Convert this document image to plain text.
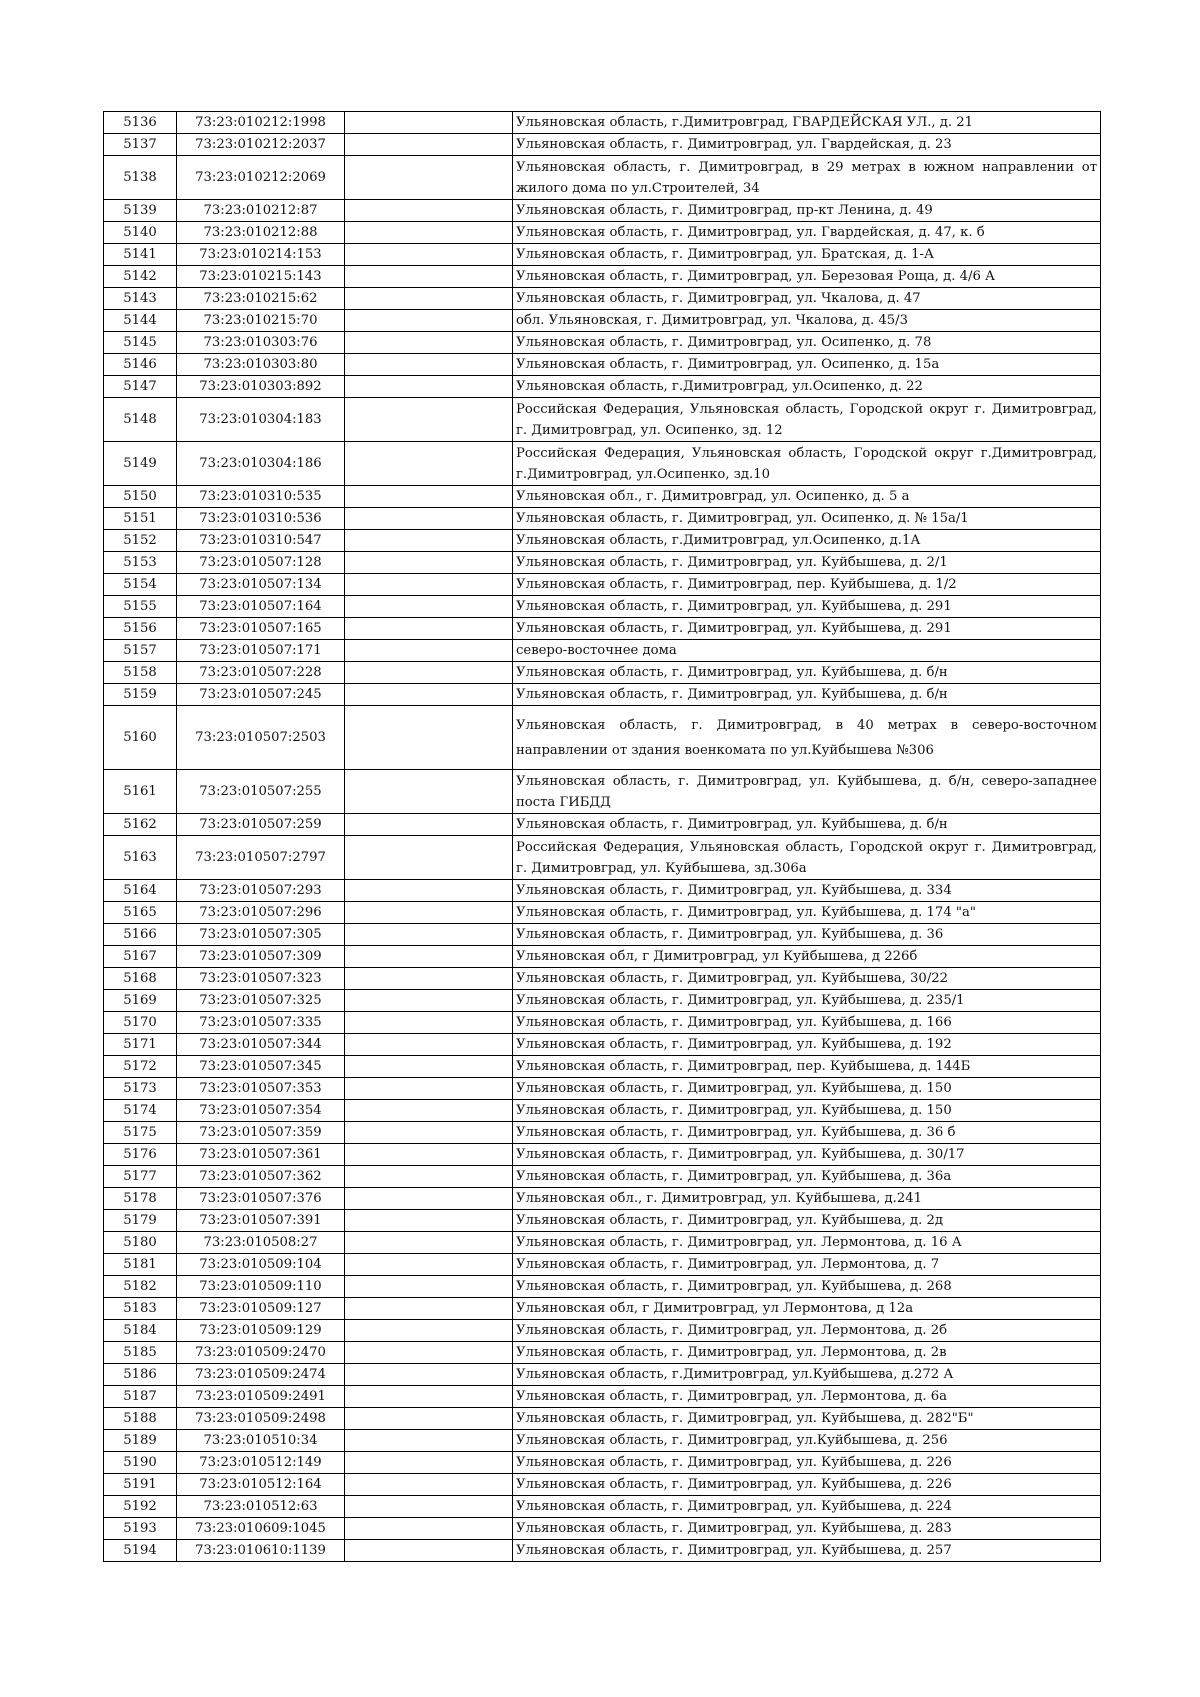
5136	73:23:010212:1998		Ульяновская область, г.Димитровград, ГВАРДЕЙСКАЯ УЛ., д. 21
5137	73:23:010212:2037		Ульяновская область, г. Димитровград, ул. Гвардейская, д. 23
5138	73:23:010212:2069		Ульяновская область, г. Димитровград, в 29 метрах в южном направлении от жилого дома по ул.Строителей, 34
5139	73:23:010212:87		Ульяновская область, г. Димитровград, пр-кт Ленина, д. 49
5140	73:23:010212:88		Ульяновская область, г. Димитровград, ул. Гвардейская, д. 47, к. б
5141	73:23:010214:153		Ульяновская область, г. Димитровград, ул. Братская, д. 1-А
5142	73:23:010215:143		Ульяновская область, г. Димитровград, ул. Березовая Роща, д. 4/6 А
5143	73:23:010215:62		Ульяновская область, г. Димитровград, ул. Чкалова, д. 47
5144	73:23:010215:70		обл. Ульяновская, г. Димитровград, ул. Чкалова, д. 45/3
5145	73:23:010303:76		Ульяновская область, г. Димитровград, ул. Осипенко, д. 78
5146	73:23:010303:80		Ульяновская область, г. Димитровград, ул. Осипенко, д. 15а
5147	73:23:010303:892		Ульяновская область, г.Димитровград, ул.Осипенко, д. 22
5148	73:23:010304:183		Российская Федерация, Ульяновская область, Городской округ г. Димитровград, г. Димитровград, ул. Осипенко, зд. 12
5149	73:23:010304:186		Российская Федерация, Ульяновская область, Городской округ г.Димитровград, г.Димитровград, ул.Осипенко, зд.10
5150	73:23:010310:535		Ульяновская обл., г. Димитровград, ул. Осипенко, д. 5 а
5151	73:23:010310:536		Ульяновская область, г. Димитровград, ул. Осипенко, д. № 15а/1
5152	73:23:010310:547		Ульяновская область, г.Димитровград, ул.Осипенко, д.1А
5153	73:23:010507:128		Ульяновская область, г. Димитровград, ул. Куйбышева, д. 2/1
5154	73:23:010507:134		Ульяновская область, г. Димитровград, пер. Куйбышева, д. 1/2
5155	73:23:010507:164		Ульяновская область, г. Димитровград, ул. Куйбышева, д. 291
5156	73:23:010507:165		Ульяновская область, г. Димитровград, ул. Куйбышева, д. 291
5157	73:23:010507:171		северо-восточнее дома
5158	73:23:010507:228		Ульяновская область, г. Димитровград, ул. Куйбышева, д. б/н
5159	73:23:010507:245		Ульяновская область, г. Димитровград, ул. Куйбышева, д. б/н
5160	73:23:010507:2503		Ульяновская область, г. Димитровград, в 40 метрах в северо-восточном направлении от здания военкомата по ул.Куйбышева №306
5161	73:23:010507:255		Ульяновская область, г. Димитровград, ул. Куйбышева, д. б/н, северо-западнее поста ГИБДД
5162	73:23:010507:259		Ульяновская область, г. Димитровград, ул. Куйбышева, д. б/н
5163	73:23:010507:2797		Российская Федерация, Ульяновская область, Городской округ г. Димитровград, г. Димитровград, ул. Куйбышева, зд.306а
5164	73:23:010507:293		Ульяновская область, г. Димитровград, ул. Куйбышева, д. 334
5165	73:23:010507:296		Ульяновская область, г. Димитровград, ул. Куйбышева, д. 174 "а"
5166	73:23:010507:305		Ульяновская область, г. Димитровград, ул. Куйбышева, д. 36
5167	73:23:010507:309		Ульяновская обл, г Димитровград, ул Куйбышева, д 226б
5168	73:23:010507:323		Ульяновская область, г. Димитровград, ул. Куйбышева, 30/22
5169	73:23:010507:325		Ульяновская область, г. Димитровград, ул. Куйбышева, д. 235/1
5170	73:23:010507:335		Ульяновская область, г. Димитровград, ул. Куйбышева, д. 166
5171	73:23:010507:344		Ульяновская область, г. Димитровград, ул. Куйбышева, д. 192
5172	73:23:010507:345		Ульяновская область, г. Димитровград, пер. Куйбышева, д. 144Б
5173	73:23:010507:353		Ульяновская область, г. Димитровград, ул. Куйбышева, д. 150
5174	73:23:010507:354		Ульяновская область, г. Димитровград, ул. Куйбышева, д. 150
5175	73:23:010507:359		Ульяновская область, г. Димитровград, ул. Куйбышева, д. 36 б
5176	73:23:010507:361		Ульяновская область, г. Димитровград, ул. Куйбышева, д. 30/17
5177	73:23:010507:362		Ульяновская область, г. Димитровград, ул. Куйбышева, д. 36а
5178	73:23:010507:376		Ульяновская обл., г. Димитровград, ул. Куйбышева, д.241
5179	73:23:010507:391		Ульяновская область, г. Димитровград, ул. Куйбышева, д. 2д
5180	73:23:010508:27		Ульяновская область, г. Димитровград, ул. Лермонтова, д. 16 А
5181	73:23:010509:104		Ульяновская область, г. Димитровград, ул. Лермонтова, д. 7
5182	73:23:010509:110		Ульяновская область, г. Димитровград, ул. Куйбышева, д. 268
5183	73:23:010509:127		Ульяновская обл, г Димитровград, ул Лермонтова, д 12а
5184	73:23:010509:129		Ульяновская область, г. Димитровград, ул. Лермонтова, д. 2б
5185	73:23:010509:2470		Ульяновская область, г. Димитровград, ул. Лермонтова, д. 2в
5186	73:23:010509:2474		Ульяновская область, г.Димитровград, ул.Куйбышева, д.272 А
5187	73:23:010509:2491		Ульяновская область, г. Димитровград, ул. Лермонтова, д. 6а
5188	73:23:010509:2498		Ульяновская область, г. Димитровград, ул. Куйбышева, д. 282"Б"
5189	73:23:010510:34		Ульяновская область, г. Димитровград, ул.Куйбышева, д. 256
5190	73:23:010512:149		Ульяновская область, г. Димитровград, ул. Куйбышева, д. 226
5191	73:23:010512:164		Ульяновская область, г. Димитровград, ул. Куйбышева, д. 226
5192	73:23:010512:63		Ульяновская область, г. Димитровград, ул. Куйбышева, д. 224
5193	73:23:010609:1045		Ульяновская область, г. Димитровград, ул. Куйбышева, д. 283
5194	73:23:010610:1139		Ульяновская область, г. Димитровград, ул. Куйбышева, д. 257
